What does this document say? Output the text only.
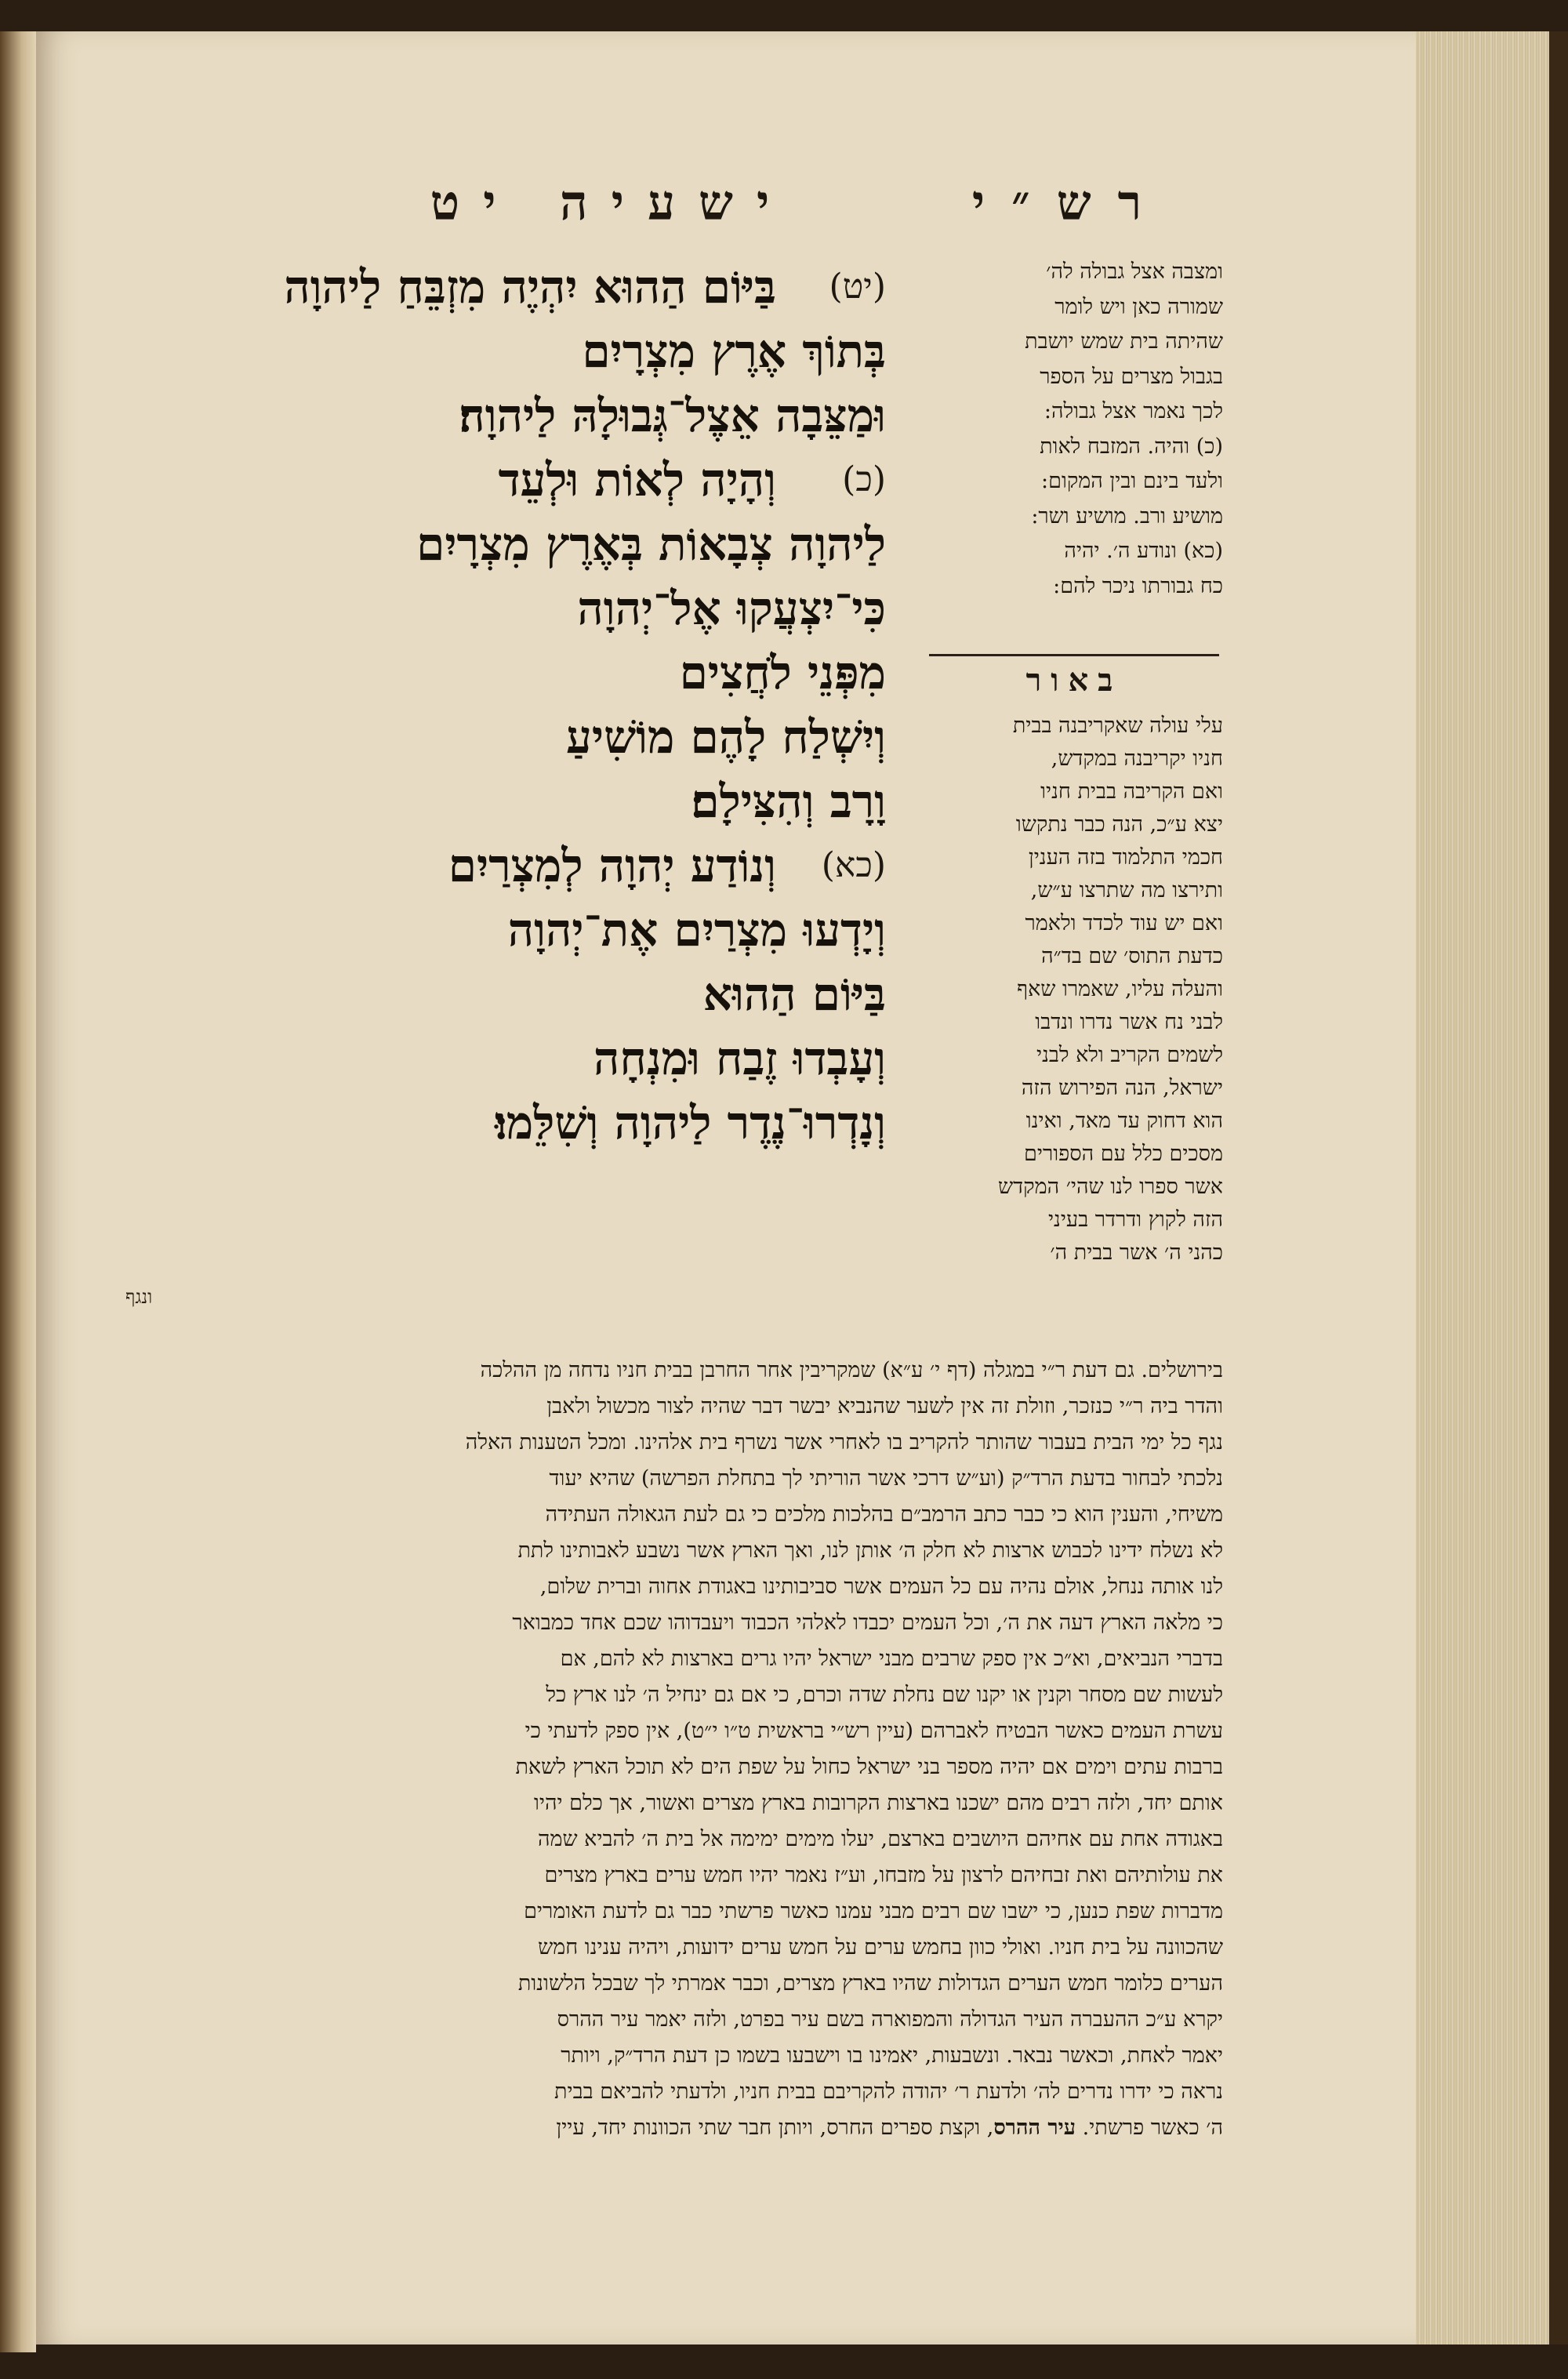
רש״י
ישעיה יט
בַּיּוֹם הַהוּא יִהְיֶה מִזְבֵּחַ לַיהוָה	(יט)
בְּתוֹךְ אֶרֶץ מִצְרָיִם
וּמַצֵּבָה אֵצֶל־גְּבוּלָהּ לַיהוָה׃
וְהָיָה לְאוֹת וּלְעֵד	(כ)
לַיהוָה צְבָאוֹת בְּאֶרֶץ מִצְרָיִם
כִּי־יִצְעֲקוּ אֶל־יְהוָה
מִפְּנֵי לֹחֲצִים
וְיִשְׁלַח לָהֶם מוֹשִׁיעַ
וָרָב וְהִצִּילָם׃
וְנוֹדַע יְהוָה לְמִצְרַיִם	(כא)
וְיָדְעוּ מִצְרַיִם אֶת־יְהוָה
בַּיּוֹם הַהוּא
וְעָבְדוּ זֶבַח וּמִנְחָה
וְנָדְרוּ־נֶדֶר לַיהוָה וְשִׁלֵּמוּ׃
ונגף
ומצבה אצל גבולה לה׳
שמורה כאן ויש לומר
שהיתה בית שמש יושבת
בגבול מצרים על הספר
לכך נאמר אצל גבולה:
(כ) והיה. המזבח לאות
ולעד בינם ובין המקום:
מושיע ורב. מושיע ושר:
(כא) ונודע ה׳. יהיה
כח גבורתו ניכר להם:
באור
עלי עולה שאקריבנה בבית
חניו יקריבנה במקדש,
ואם הקריבה בבית חניו
יצא ע״כ, הנה כבר נתקשו
חכמי התלמוד בזה הענין
ותירצו מה שתרצו ע״ש,
ואם יש עוד לכדד ולאמר
כדעת התוס׳ שם בד״ה
והעלה עליו, שאמרו שאף
לבני נח אשר נדרו ונדבו
לשמים הקריב ולא לבני
ישראל, הנה הפירוש הזה
הוא דחוק עד מאד, ואינו
מסכים כלל עם הספורים
אשר ספרו לנו שהי׳ המקדש
הזה לקוץ ודרדר בעיני
כהני ה׳ אשר בבית ה׳
בירושלים. גם דעת ר״י במגלה (דף י׳ ע״א) שמקריבין אחר החרבן בבית חניו נדחה מן ההלכה
והדר ביה ר״י כנזכר, וזולת זה אין לשער שהנביא יבשר דבר שהיה לצור מכשול ולאבן
נגף כל ימי הבית בעבור שהותר להקריב בו לאחרי אשר נשרף בית אלהינו. ומכל הטענות האלה
נלכתי לבחור בדעת הרד״ק (וע״ש דרכי אשר הוריתי לך בתחלת הפרשה) שהיא יעוד
משיחי, והענין הוא כי כבר כתב הרמב״ם בהלכות מלכים כי גם לעת הגאולה העתידה
לא נשלח ידינו לכבוש ארצות לא חלק ה׳ אותן לנו, ואך הארץ אשר נשבע לאבותינו לתת
לנו אותה ננחל, אולם נהיה עם כל העמים אשר סביבותינו באגודת אחוה וברית שלום,
כי מלאה הארץ דעה את ה׳, וכל העמים יכבדו לאלהי הכבוד ויעבדוהו שכם אחד כמבואר
בדברי הנביאים, וא״כ אין ספק שרבים מבני ישראל יהיו גרים בארצות לא להם, אם
לעשות שם מסחר וקנין או יקנו שם נחלת שדה וכרם, כי אם גם ינחיל ה׳ לנו ארץ כל
עשרת העמים כאשר הבטיח לאברהם (עיין רש״י בראשית ט״ו י״ט), אין ספק לדעתי כי
ברבות עתים וימים אם יהיה מספר בני ישראל כחול על שפת הים לא תוכל הארץ לשאת
אותם יחד, ולזה רבים מהם ישכנו בארצות הקרובות בארץ מצרים ואשור, אך כלם יהיו
באגודה אחת עם אחיהם היושבים בארצם, יעלו מימים ימימה אל בית ה׳ להביא שמה
את עולותיהם ואת זבחיהם לרצון על מזבחו, וע״ז נאמר יהיו חמש ערים בארץ מצרים
מדברות שפת כנען, כי ישבו שם רבים מבני עמנו כאשר פרשתי כבר גם לדעת האומרים
שהכוונה על בית חניו. ואולי כוון בחמש ערים על חמש ערים ידועות, ויהיה ענינו חמש
הערים כלומר חמש הערים הגדולות שהיו בארץ מצרים, וכבר אמרתי לך שבכל הלשונות
יקרא ע״כ ההעברה העיר הגדולה והמפוארה בשם עיר בפרט, ולזה יאמר עיר ההרס
יאמר לאחת, וכאשר נבאר. ונשבעות, יאמינו בו וישבעו בשמו כן דעת הרד״ק, ויותר
נראה כי ידרו נדרים לה׳ ולדעת ר׳ יהודה להקריבם בבית חניו, ולדעתי להביאם בבית
ה׳ כאשר פרשתי. עיר ההרס, וקצת ספרים החרס, ויותן חבר שתי הכוונות יחד, עיין
